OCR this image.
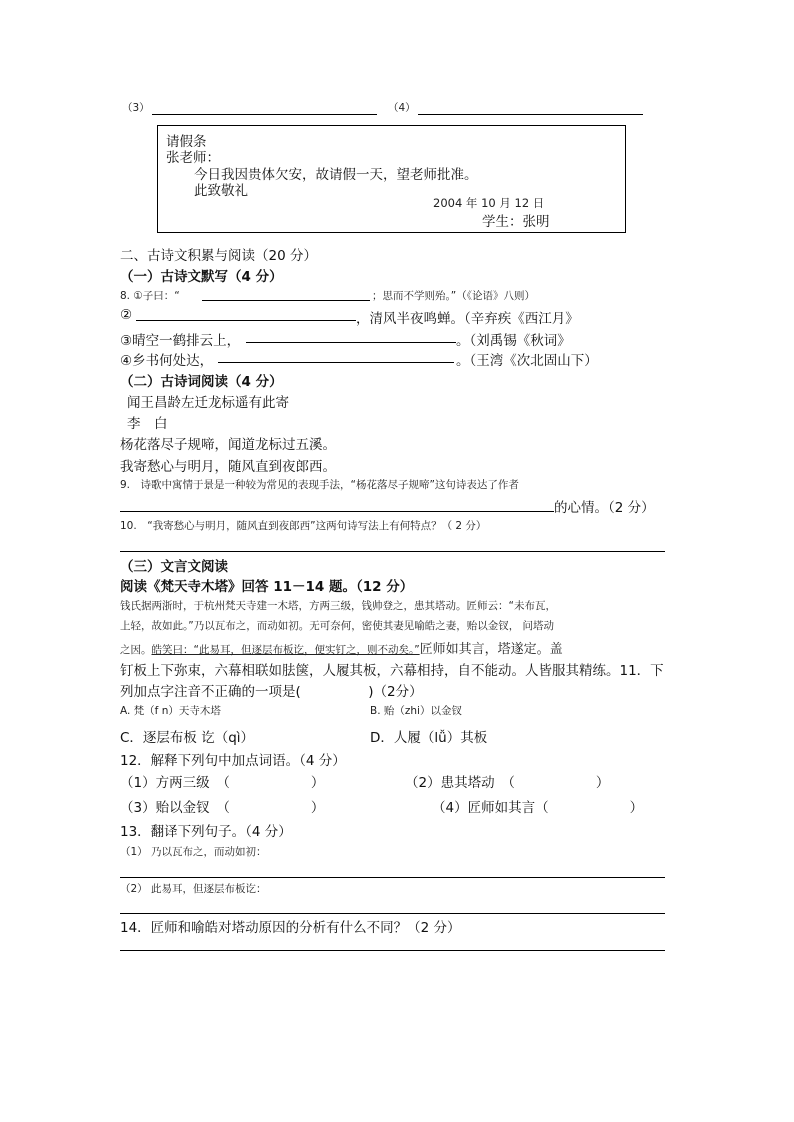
（3）	（4）
请假条
张老师：
今日我因贵体欠安，故请假一天，望老师批准。
此致敬礼
2004 年 10 月 12 日
学生：张明
二、古诗文积累与阅读（20 分）
（一）古诗文默写（4 分）
8. ①子曰：“	；思而不学则殆。”（《论语》八则）
②	，清风半夜鸣蝉。（辛弃疾《西江月》
③晴空一鹤排云上，	。（刘禹锡《秋词》
④乡书何处达，	。（王湾《次北固山下）
（二）古诗词阅读（4 分）
闻王昌龄左迁龙标遥有此寄
李　白
杨花落尽子规啼，闻道龙标过五溪。
我寄愁心与明月，随风直到夜郎西。
9.　诗歌中寓情于景是一种较为常见的表现手法，“杨花落尽子规啼”这句诗表达了作者
的心情。（2 分）
10.　“我寄愁心与明月，随风直到夜郎西”这两句诗写法上有何特点？（ 2 分）
（三）文言文阅读
阅读《梵天寺木塔》回答 11－14 题。（12 分）
钱氏据两浙时，于杭州梵天寺建一木塔，方两三级，钱帅登之，患其塔动。匠师云：“未布瓦，
上轻，故如此。”乃以瓦布之，而动如初。无可奈何，密使其妻见喻皓之妻，贻以金钗， 问塔动
之因。皓笑曰：“此易耳，但逐层布板讫，便实钉之，则不动矣。”匠师如其言，塔遂定。盖
钉板上下弥束，六幕相联如胠箧，人履其板，六幕相持，自不能动。人皆服其精练。11．下
列加点字注音不正确的一项是(　　　　　)（2分）
A. 梵（f n）天寺木塔	B. 贻（zhi）以金钗
C．逐层布板 讫（qì）	D．人履（lǚ）其板
12．解释下列句中加点词语。（4 分）
（1）方两三级　（　　　　　　）	（2）患其塔动　（　　　　　　）
（3）贻以金钗　（　　　　　　）	（4）匠师如其言（　　　　　　）
13．翻译下列句子。（4 分）
（1） 乃以瓦布之，而动如初：
（2） 此易耳，但逐层布板讫：
14．匠师和喻皓对塔动原因的分析有什么不同？（2 分）
